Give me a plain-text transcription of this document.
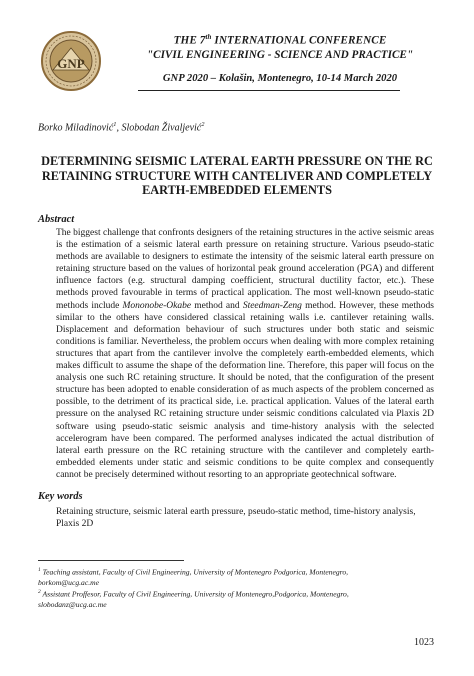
GNP
THE 7th INTERNATIONAL CONFERENCE
"CIVIL ENGINEERING - SCIENCE AND PRACTICE"
GNP 2020 – Kolašin, Montenegro, 10-14 March 2020
Borko Miladinović$^1$, Slobodan Živaljević$^2$
DETERMINING SEISMIC LATERAL EARTH PRESSURE ON THE RC RETAINING STRUCTURE WITH CANTELIVER AND COMPLETELY EARTH-EMBEDDED ELEMENTS
Abstract
The biggest challenge that confronts designers of the retaining structures in the active seismic areas is the estimation of a seismic lateral earth pressure on retaining structure. Various pseudo-static methods are available to designers to estimate the intensity of the seismic lateral earth pressure on retaining structure based on the values of horizontal peak ground acceleration (PGA) and different influence factors (e.g. structural damping coefficient, structural ductility factor, etc.). These methods proved favourable in terms of practical application. The most well-known pseudo-static methods include Mononobe-Okabe method and Steedman-Zeng method. However, these methods similar to the others have considered classical retaining walls i.e. cantilever retaining walls. Displacement and deformation behaviour of such structures under both static and seismic conditions is familiar. Nevertheless, the problem occurs when dealing with more complex retaining structures that apart from the cantilever involve the completely earth-embedded elements, which makes difficult to assume the shape of the deformation line. Therefore, this paper will focus on the analysis one such RC retaining structure. It should be noted, that the configuration of the present structure has been adopted to enable consideration of as much aspects of the problem concerned as possible, to the detriment of its practical side, i.e. practical application. Values of the lateral earth pressure on the analysed RC retaining structure under seismic conditions calculated via Plaxis 2D software using pseudo-static seismic analysis and time-history analysis with the selected accelerogram have been compared. The performed analyses indicated the actual distribution of lateral earth pressure on the RC retaining structure with the cantilever and completely earth-embedded elements under static and seismic conditions to be quite complex and consequently cannot be precisely determined without resorting to an appropriate geotechnical software.
Key words
Retaining structure, seismic lateral earth pressure, pseudo-static method, time-history analysis, Plaxis 2D
$^1$ Teaching assistant, Faculty of Civil Engineering, University of Montenegro Podgorica, Montenegro,
borkom@ucg.ac.me
$^2$ Assistant Proffesor, Faculty of Civil Engineering, University of Montenegro,Podgorica, Montenegro,
slobodanz@ucg.ac.me
1023
